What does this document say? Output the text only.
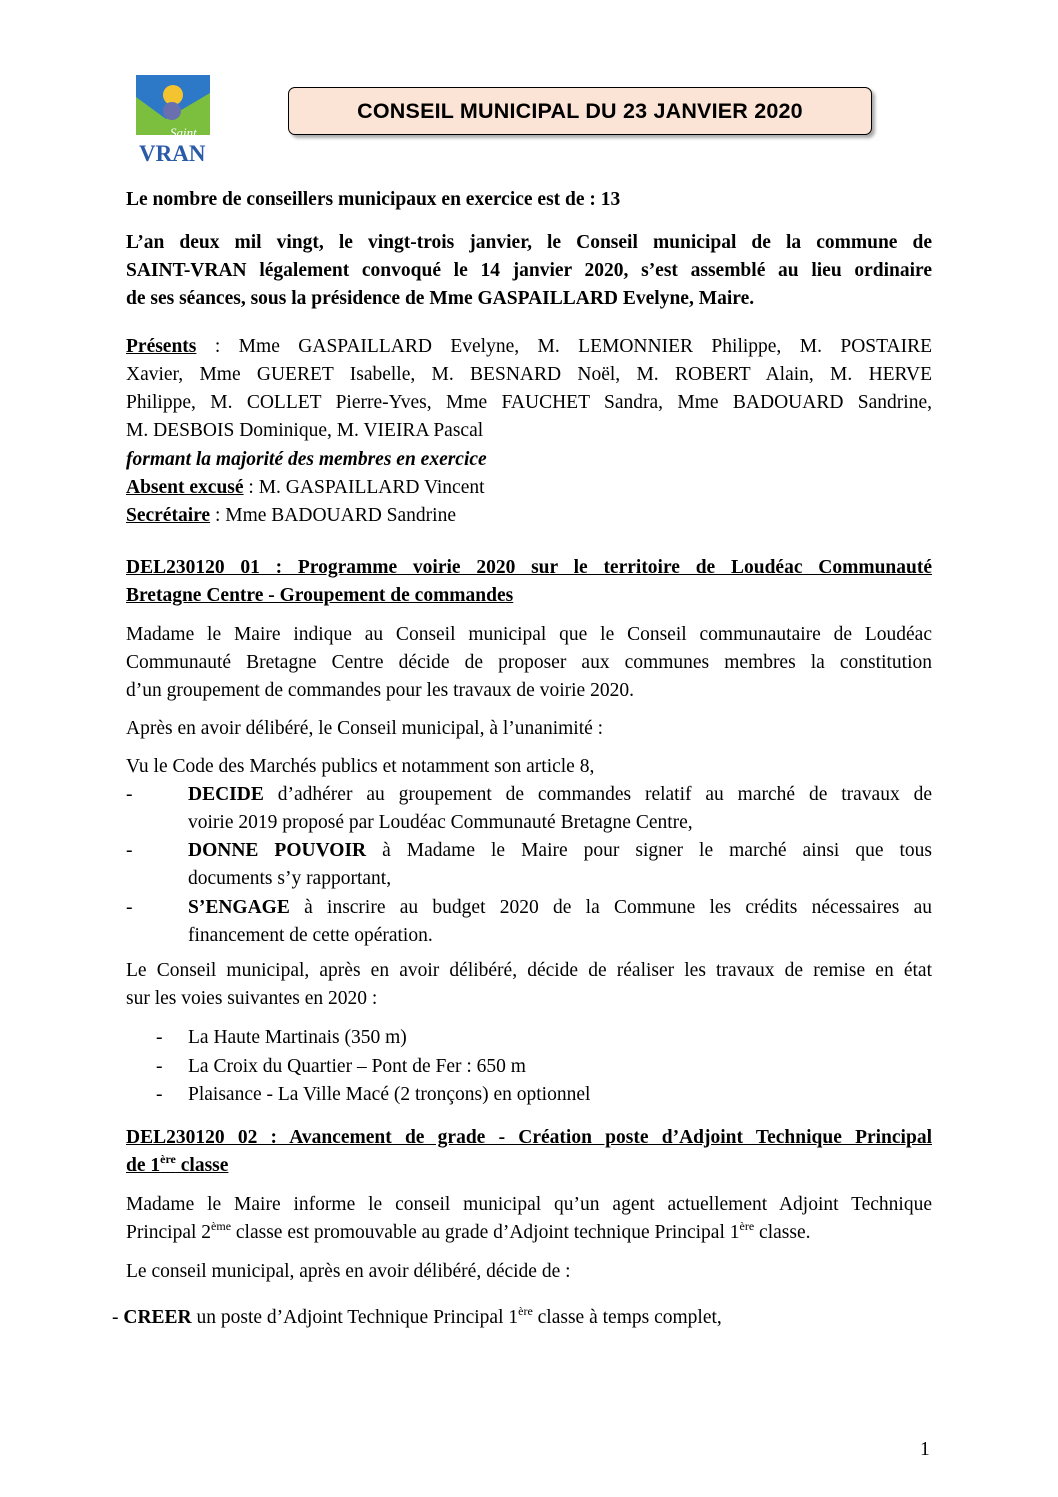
Saint
VRAN
CONSEIL MUNICIPAL DU 23 JANVIER 2020
Le nombre de conseillers municipaux en exercice est de : 13
L’an deux mil vingt, le vingt-trois janvier, le Conseil municipal de la commune de
SAINT-VRAN légalement convoqué le 14 janvier 2020, s’est assemblé au lieu ordinaire
de ses séances, sous la présidence de Mme GASPAILLARD Evelyne, Maire.
Présents : Mme GASPAILLARD Evelyne, M. LEMONNIER Philippe, M. POSTAIRE
Xavier, Mme GUERET Isabelle, M. BESNARD Noël, M. ROBERT Alain, M. HERVE
Philippe, M. COLLET Pierre-Yves, Mme FAUCHET Sandra, Mme BADOUARD Sandrine,
M. DESBOIS Dominique, M. VIEIRA Pascal
formant la majorité des membres en exercice
Absent excusé : M. GASPAILLARD Vincent
Secrétaire : Mme BADOUARD Sandrine
DEL230120 01 : Programme voirie 2020 sur le territoire de Loudéac Communauté
Bretagne Centre - Groupement de commandes
Madame le Maire indique au Conseil municipal que le Conseil communautaire de Loudéac
Communauté Bretagne Centre décide de proposer aux communes membres la constitution
d’un groupement de commandes pour les travaux de voirie 2020.
Après en avoir délibéré, le Conseil municipal, à l’unanimité :
Vu le Code des Marchés publics et notamment son article 8,
-	DECIDE d’adhérer au groupement de commandes relatif au marché de travaux de
voirie 2019 proposé par Loudéac Communauté Bretagne Centre,
-	DONNE POUVOIR à Madame le Maire pour signer le marché ainsi que tous
documents s’y rapportant,
-	S’ENGAGE à inscrire au budget 2020 de la Commune les crédits nécessaires au
financement de cette opération.
Le Conseil municipal, après en avoir délibéré, décide de réaliser les travaux de remise en état
sur les voies suivantes en 2020 :
- La Haute Martinais (350 m)
- La Croix du Quartier – Pont de Fer : 650 m
- Plaisance - La Ville Macé (2 tronçons) en optionnel
DEL230120 02 : Avancement de grade - Création poste d’Adjoint Technique Principal
de 1ère classe
Madame le Maire informe le conseil municipal qu’un agent actuellement Adjoint Technique
Principal 2ème classe est promouvable au grade d’Adjoint technique Principal 1ère classe.
Le conseil municipal, après en avoir délibéré, décide de :
- CREER un poste d’Adjoint Technique Principal 1ère classe à temps complet,
1
